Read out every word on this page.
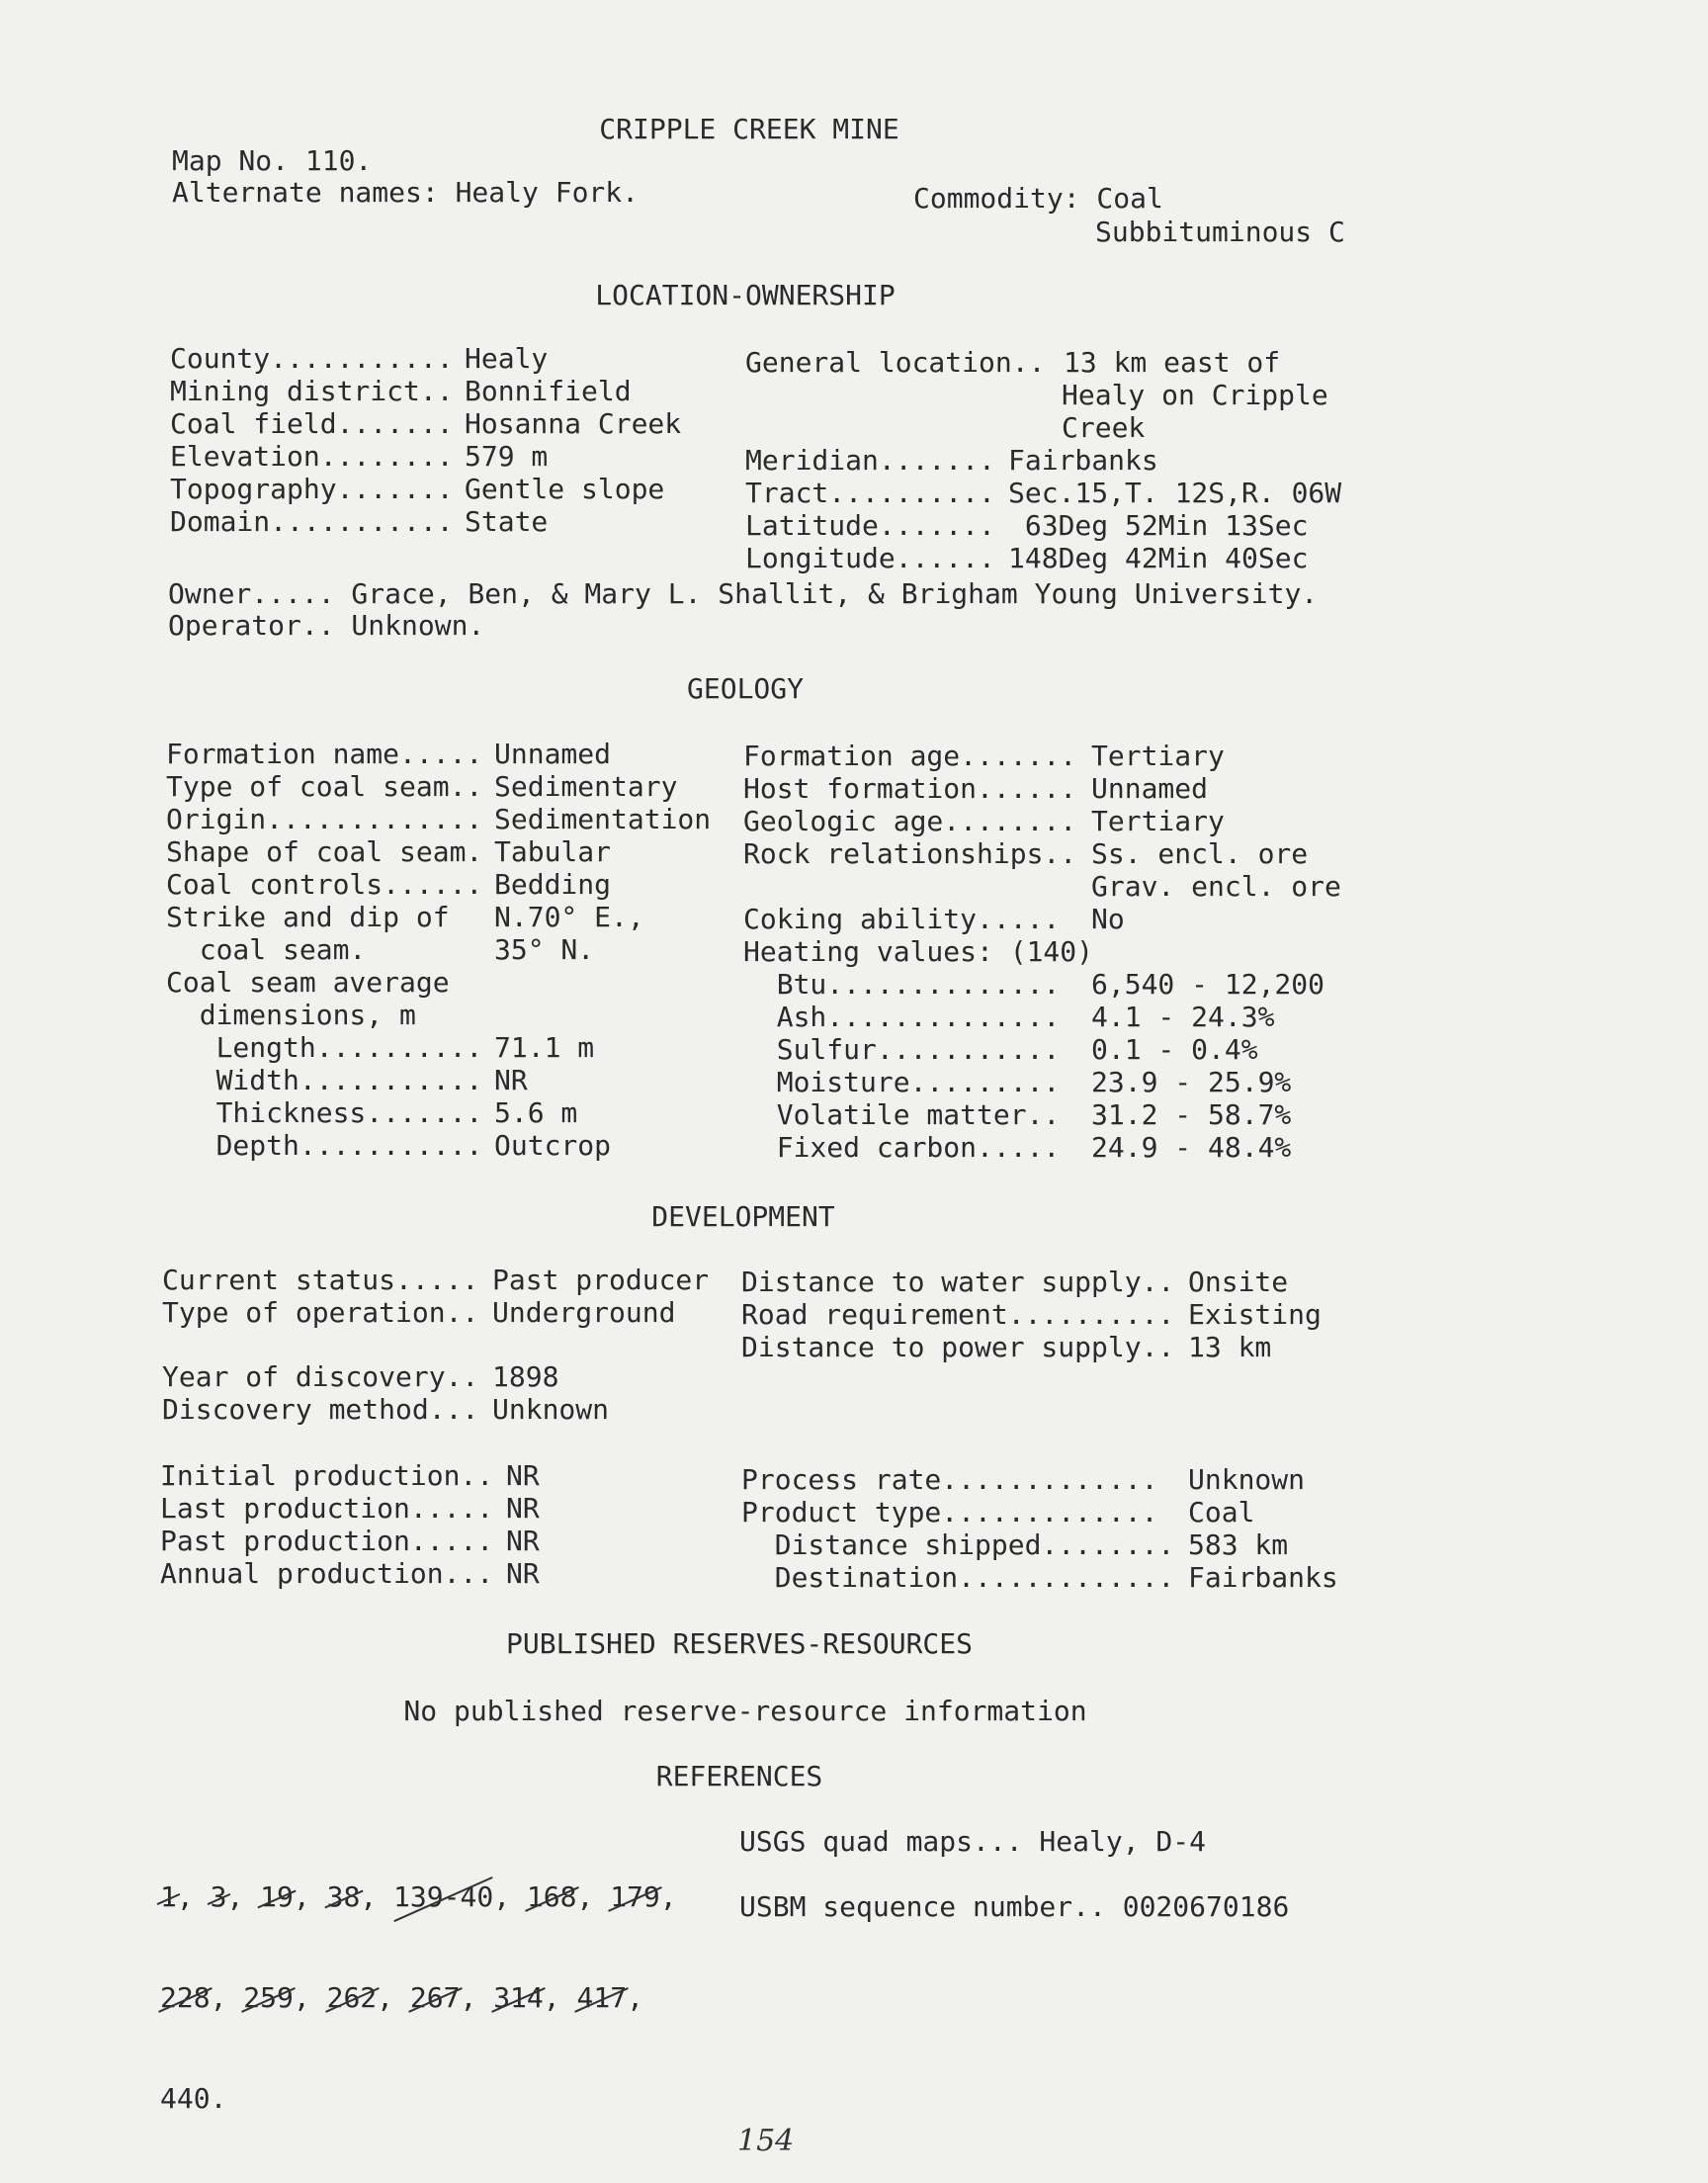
CRIPPLE CREEK MINE
Map No. 110.
Alternate names: Healy Fork.	Commodity: Coal
Subbituminous C
LOCATION-OWNERSHIP
County........... Healy
Mining district.. Bonnifield
Coal field....... Hosanna Creek
Elevation........ 579 m
Topography....... Gentle slope
Domain........... State
General location.. 13 km east of
Healy on Cripple
Creek
Meridian....... Fairbanks
Tract.......... Sec.15,T. 12S,R. 06W
Latitude....... 63Deg 52Min 13Sec
Longitude...... 148Deg 42Min 40Sec
Owner..... Grace, Ben, & Mary L. Shallit, & Brigham Young University.
Operator.. Unknown.
GEOLOGY
Formation name..... Unnamed
Type of coal seam.. Sedimentary
Origin............. Sedimentation
Shape of coal seam. Tabular
Coal controls...... Bedding
Strike and dip of N.70° E.,
coal seam.	35° N.
Coal seam average
dimensions, m
Length.......... 71.1 m
Width........... NR
Thickness....... 5.6 m
Depth........... Outcrop
Formation age....... Tertiary
Host formation...... Unnamed
Geologic age........ Tertiary
Rock relationships.. Ss. encl. ore
Grav. encl. ore
Coking ability..... No
Heating values: (140)
Btu.............. 6,540 - 12,200
Ash.............. 4.1 - 24.3%
Sulfur........... 0.1 - 0.4%
Moisture......... 23.9 - 25.9%
Volatile matter.. 31.2 - 58.7%
Fixed carbon..... 24.9 - 48.4%
DEVELOPMENT
Current status..... Past producer
Type of operation.. Underground
Year of discovery.. 1898
Discovery method... Unknown
Distance to water supply.. Onsite
Road requirement.......... Existing
Distance to power supply.. 13 km
Initial production.. NR
Last production..... NR
Past production..... NR
Annual production... NR
Process rate............. Unknown
Product type............. Coal
Distance shipped........ 583 km
Destination............. Fairbanks
PUBLISHED RESERVES-RESOURCES
No published reserve-resource information
REFERENCES

1, 3, 19, 38, 139-40, 168, 179,

228, 259, 262, 267, 314, 417,

440.

USGS quad maps... Healy, D-4
USBM sequence number.. 0020670186
154
